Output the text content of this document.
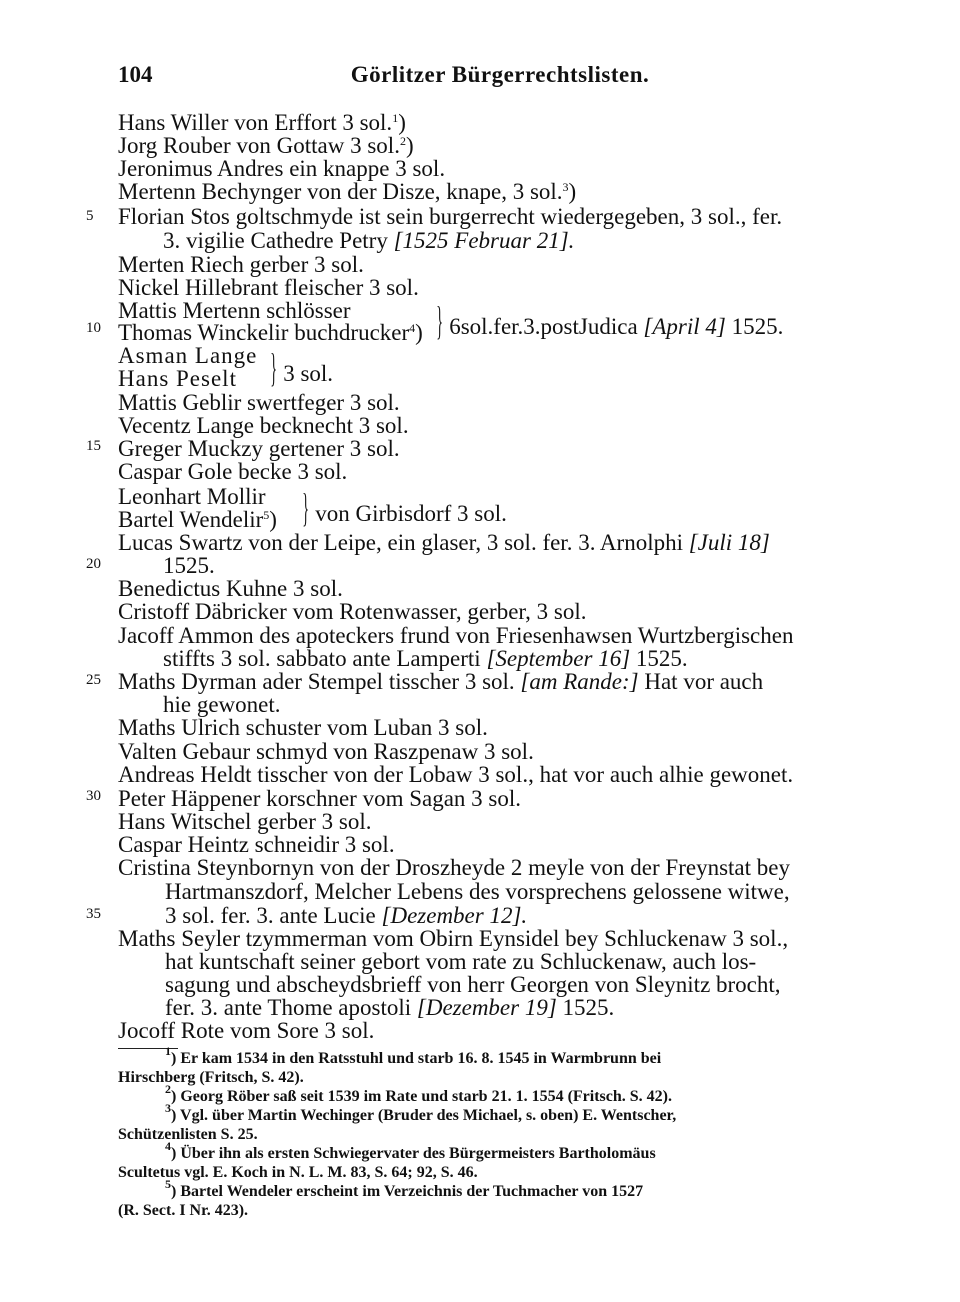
104	Görlitzer Bürgerrechtslisten.
5
10
15
20
25
30
35
Hans Willer von Erffort 3 sol.$^1$)
Jorg Rouber von Gottaw 3 sol.$^2$)
Jeronimus Andres ein knappe 3 sol.
Mertenn Bechynger von der Disze, knape, 3 sol.$^3$)
Florian Stos goltschmyde ist sein burgerrecht wiedergegeben, 3 sol., fer.
3. vigilie Cathedre Petry [1525 Februar 21].
Merten Riech gerber 3 sol.
Nickel Hillebrant fleischer 3 sol.
Mattis Mertenn schlösser
Thomas Winckelir buchdrucker$^4$) } 6sol.fer.3.postJudica [April 4] 1525.
Asman Lange
Hans Peselt } 3 sol.
Mattis Geblir swertfeger 3 sol.
Vecentz Lange becknecht 3 sol.
Greger Muckzy gertener 3 sol.
Caspar Gole becke 3 sol.
Leonhart Mollir
Bartel Wendelir$^5$) } von Girbisdorf 3 sol.
Lucas Swartz von der Leipe, ein glaser, 3 sol. fer. 3. Arnolphi [Juli 18]
1525.
Benedictus Kuhne 3 sol.
Cristoff Däbricker vom Rotenwasser, gerber, 3 sol.
Jacoff Ammon des apoteckers frund von Friesenhawsen Wurtzbergischen
stiffts 3 sol. sabbato ante Lamperti [September 16] 1525.
Maths Dyrman ader Stempel tisscher 3 sol. [am Rande:] Hat vor auch
hie gewonet.
Maths Ulrich schuster vom Luban 3 sol.
Valten Gebaur schmyd von Raszpenaw 3 sol.
Andreas Heldt tisscher von der Lobaw 3 sol., hat vor auch alhie gewonet.
Peter Häppener korschner vom Sagan 3 sol.
Hans Witschel gerber 3 sol.
Caspar Heintz schneidir 3 sol.
Cristina Steynbornyn von der Droszheyde 2 meyle von der Freynstat bey
Hartmanszdorf, Melcher Lebens des vorsprechens gelossene witwe,
3 sol. fer. 3. ante Lucie [Dezember 12].
Maths Seyler tzymmerman vom Obirn Eynsidel bey Schluckenaw 3 sol.,
hat kuntschaft seiner gebort vom rate zu Schluckenaw, auch los-
sagung und abscheydsbrieff von herr Georgen von Sleynitz brocht,
fer. 3. ante Thome apostoli [Dezember 19] 1525.
Jocoff Rote vom Sore 3 sol.
$^1$) Er kam 1534 in den Ratsstuhl und starb 16. 8. 1545 in Warmbrunn bei
Hirschberg (Fritsch, S. 42).
$^2$) Georg Röber saß seit 1539 im Rate und starb 21. 1. 1554 (Fritsch. S. 42).
$^3$) Vgl. über Martin Wechinger (Bruder des Michael, s. oben) E. Wentscher,
Schützenlisten S. 25.
$^4$) Über ihn als ersten Schwiegervater des Bürgermeisters Bartholomäus
Scultetus vgl. E. Koch in N. L. M. 83, S. 64; 92, S. 46.
$^5$) Bartel Wendeler erscheint im Verzeichnis der Tuchmacher von 1527
(R. Sect. I Nr. 423).
